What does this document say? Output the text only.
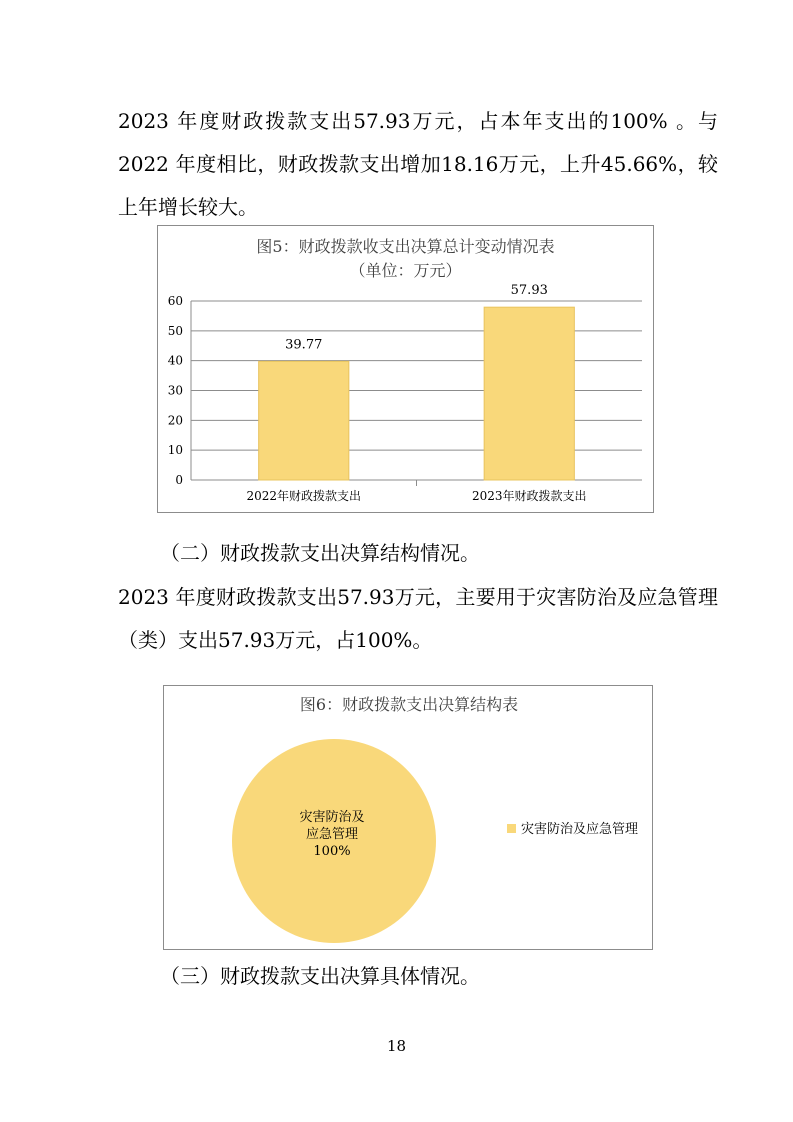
2023 年度财政拨款支出57.93万元，占本年支出的100% 。与2022 年度相比，财政拨款支出增加18.16万元，上升45.66%，较上年增长较大。

图5：财政拨款收支出决算总计变动情况表
（单位：万元）
0
10
20
30
40
50
60
39.77
2022年财政拨款支出
57.93
2023年财政拨款支出

（二）财政拨款支出决算结构情况。

2023 年度财政拨款支出57.93万元，主要用于灾害防治及应急管理（类）支出57.93万元，占100%。

图6：财政拨款支出决算结构表
灾害防治及
应急管理
100%
灾害防治及应急管理

（三）财政拨款支出决算具体情况。

18
